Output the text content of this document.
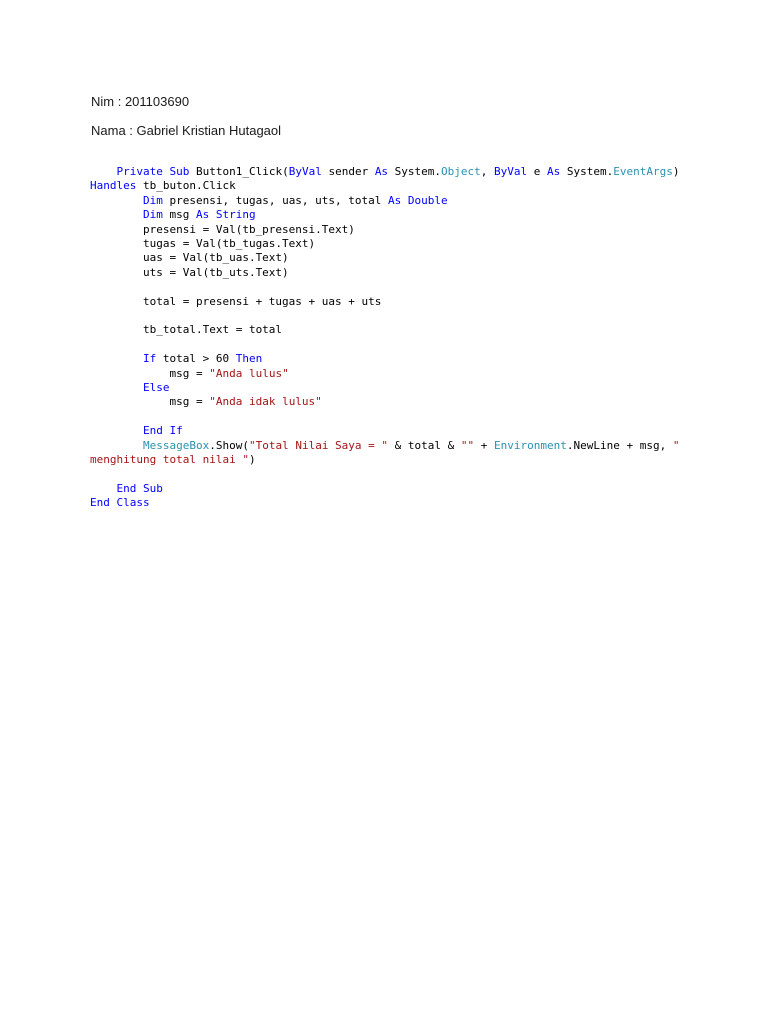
Nim : 201103690
Nama : Gabriel Kristian Hutagaol
Private Sub Button1_Click(ByVal sender As System.Object, ByVal e As System.EventArgs)
Handles tb_buton.Click
Dim presensi, tugas, uas, uts, total As Double
Dim msg As String
presensi = Val(tb_presensi.Text)
tugas = Val(tb_tugas.Text)
uas = Val(tb_uas.Text)
uts = Val(tb_uts.Text)
total = presensi + tugas + uas + uts
tb_total.Text = total
If total > 60 Then
msg = "Anda lulus"
Else
msg = "Anda idak lulus"
End If
MessageBox.Show("Total Nilai Saya = " & total & "" + Environment.NewLine + msg, "
menghitung total nilai ")
End Sub
End Class
